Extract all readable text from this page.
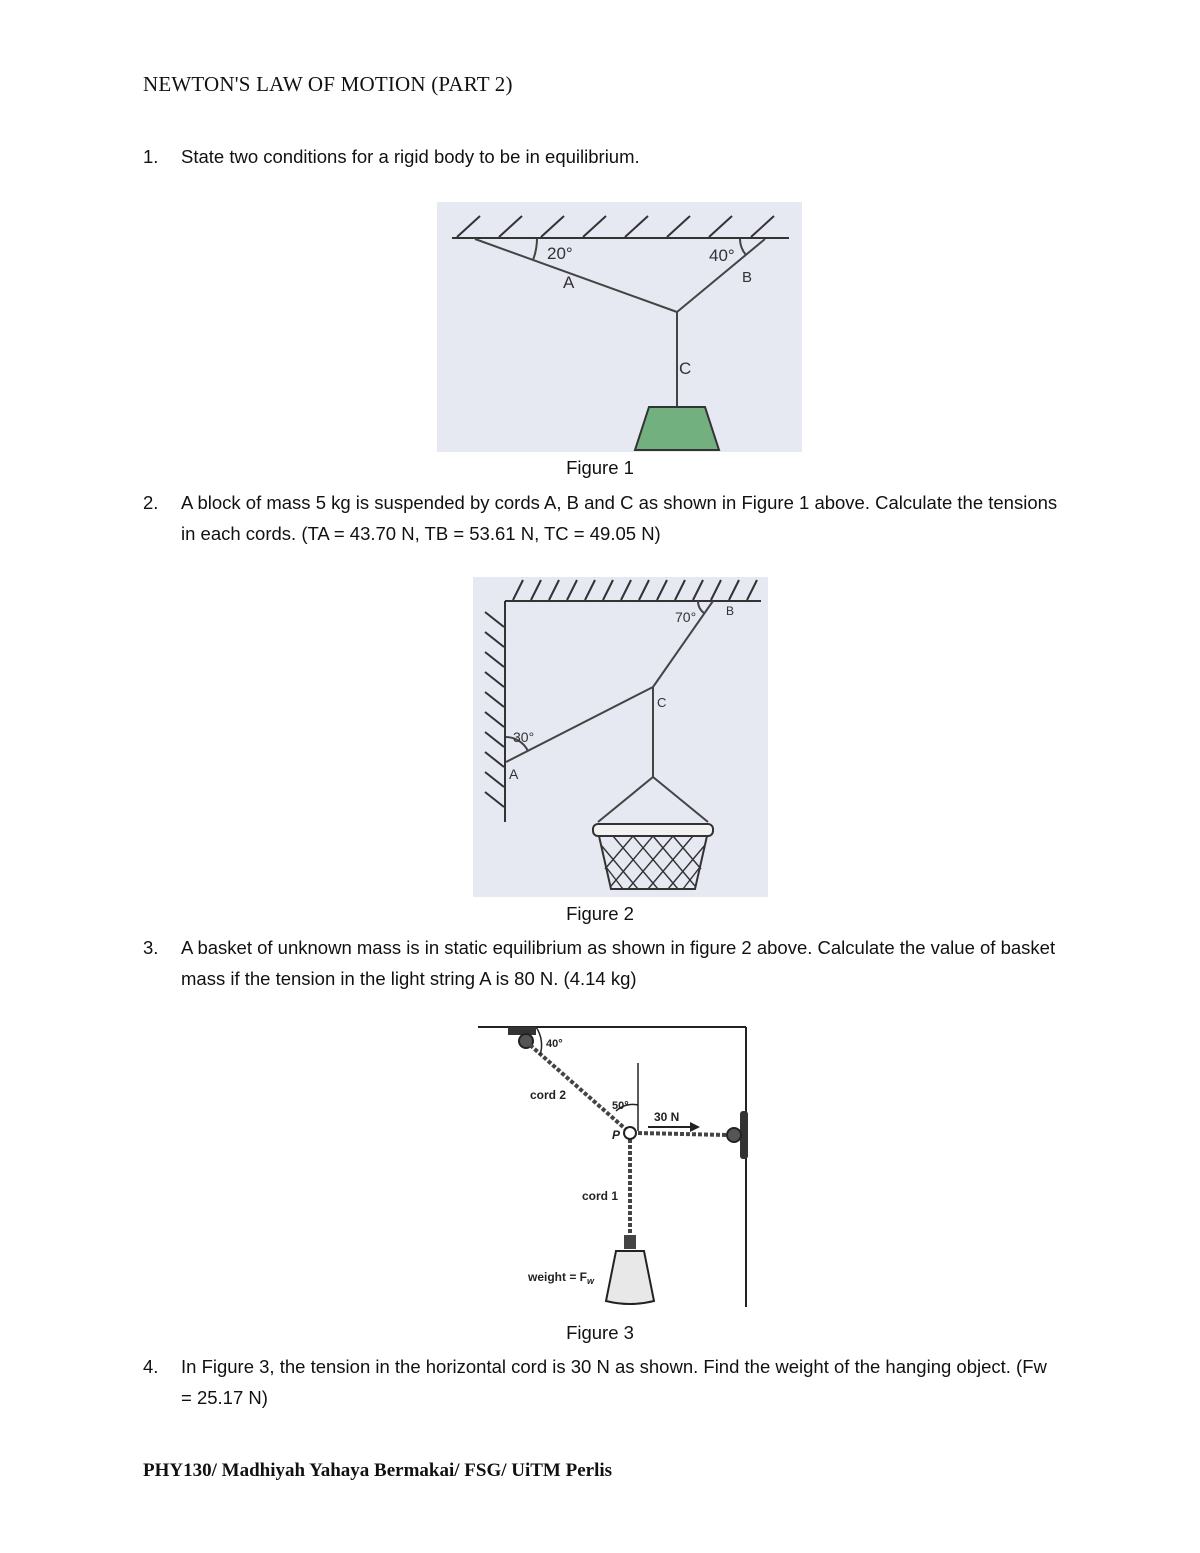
NEWTON'S LAW OF MOTION (PART 2)
1. State two conditions for a rigid body to be in equilibrium.
20°
A
40°
B
C
Figure 1
2. A block of mass 5 kg is suspended by cords A, B and C as shown in Figure 1 above. Calculate the tensions in each cords. (TA = 43.70 N, TB = 53.61 N, TC = 49.05 N)
70° B
C
30°
A
Figure 2
3. A basket of unknown mass is in static equilibrium as shown in figure 2 above. Calculate the value of basket mass if the tension in the light string A is 80 N. (4.14 kg)
40°
cord 2
50°
30 N
P
cord 1
weight = $F_w$
Figure 3
4. In Figure 3, the tension in the horizontal cord is 30 N as shown. Find the weight of the hanging object. (Fw = 25.17 N)
PHY130/ Madhiyah Yahaya Bermakai/ FSG/ UiTM Perlis
